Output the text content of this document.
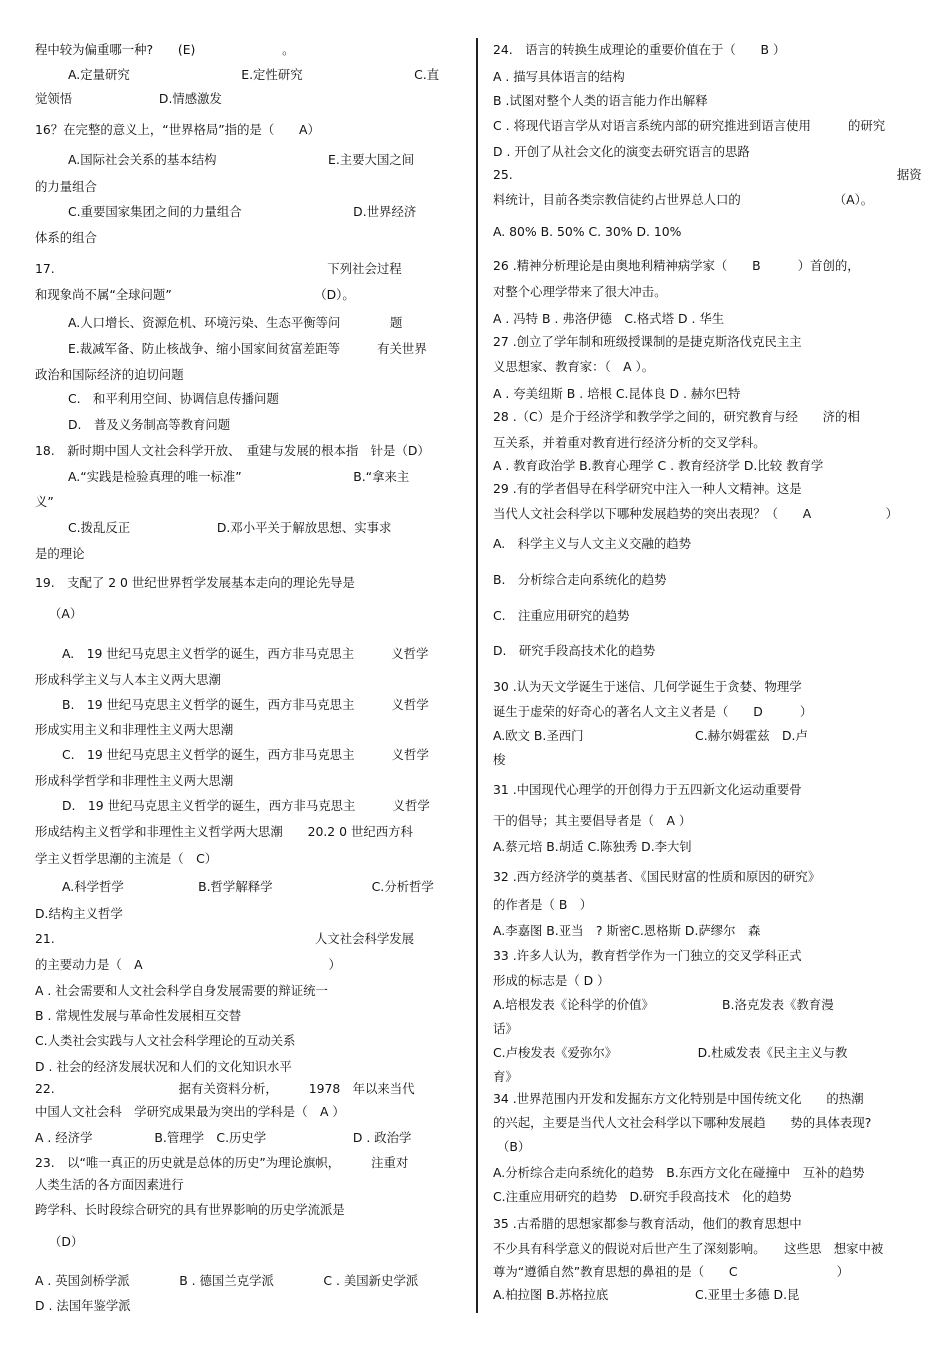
程中较为偏重哪一种?　　(E)　　　　　　　。
A.定量研究　　　　　　　　　E.定性研究　　　　　　　　　C.直
觉领悟　　　　　　　D.情感激发
16？在完整的意义上，“世界格局”指的是（　　A）
A.国际社会关系的基本结构　　　　　　　　　E.主要大国之间
的力量组合
C.重要国家集团之间的力量组合　　　　　　　　　D.世界经济
体系的组合
17.　　　　　　　　　　　　　　　　　　　　　　下列社会过程
和现象尚不属“全球问题”　　　　　　　　　　　　（D）。
A.人口增长、资源危机、环境污染、生态平衡等问　　　　题
E.裁减军备、防止核战争、缩小国家间贫富差距等　　　有关世界
政治和国际经济的迫切问题
C.　和平利用空间、协调信息传播问题
D.　普及义务制高等教育问题
18.　新时期中国人文社会科学开放、　重建与发展的根本指　针是（D）
A.“实践是检验真理的唯一标准”　　　　　　　　　B.“拿来主
义”
C.拨乱反正　　　　　　　D.邓小平关于解放思想、实事求
是的理论
19.　支配了 2 0 世纪世界哲学发展基本走向的理论先导是
（A）
A.　19 世纪马克思主义哲学的诞生，西方非马克思主　　　义哲学
形成科学主义与人本主义两大思潮
B.　19 世纪马克思主义哲学的诞生，西方非马克思主　　　义哲学
形成实用主义和非理性主义两大思潮
C.　19 世纪马克思主义哲学的诞生，西方非马克思主　　　义哲学
形成科学哲学和非理性主义两大思潮
D.　19 世纪马克思主义哲学的诞生，西方非马克思主　　　义哲学
形成结构主义哲学和非理性主义哲学两大思潮　　20.2 0 世纪西方科
学主义哲学思潮的主流是（　C）
A.科学哲学　　　　　　B.哲学解释学　　　　　　　　C.分析哲学
D.结构主义哲学
21.　　　　　　　　　　　　　　　　　　　　　人文社会科学发展
的主要动力是（　A　　　　　　　　　　　　　　　）
A . 社会需要和人文社会科学自身发展需要的辩证统一
B . 常规性发展与革命性发展相互交替
C.人类社会实践与人文社会科学理论的互动关系
D . 社会的经济发展状况和人们的文化知识水平
22.　　　　　　　　　　据有关资料分析，　　　1978　年以来当代
中国人文社会科　学研究成果最为突出的学科是（　A ）
A . 经济学　　　　　B.管理学　C.历史学　　　　　　　D . 政治学
23.　以“唯一真正的历史就是总体的历史”为理论旗帜，　　　注重对
人类生活的各方面因素进行
跨学科、长时段综合研究的具有世界影响的历史学流派是
（D）
A . 英国剑桥学派　　　　B . 德国兰克学派　　　　C . 美国新史学派
D . 法国年鉴学派
24.　语言的转换生成理论的重要价值在于（　　B ）
A . 描写具体语言的结构
B .试图对整个人类的语言能力作出解释
C . 将现代语言学从对语言系统内部的研究推进到语言使用　　　的研究
D . 开创了从社会文化的演变去研究语言的思路
25.　　　　　　　　　　　　　　　　　　　　　　　　　　　　　　　据资
料统计，目前各类宗教信徒约占世界总人口的　　　　　　　　（A）。
A. 80% B. 50% C. 30% D. 10%
26 .精神分析理论是由奥地利精神病学家（　　B　　　）首创的，
对整个心理学带来了很大冲击。
A . 冯特 B . 弗洛伊德　C.格式塔 D . 华生
27 .创立了学年制和班级授课制的是捷克斯洛伐克民主主
义思想家、教育家：（　A ）。
A . 夸美纽斯 B . 培根 C.昆体良 D . 赫尔巴特
28 .（C）是介于经济学和教学学之间的，研究教育与经　　济的相
互关系，并着重对教育进行经济分析的交叉学科。
A . 教育政治学 B.教育心理学 C . 教育经济学 D.比较 教育学
29 .有的学者倡导在科学研究中注入一种人文精神。这是
当代人文社会科学以下哪种发展趋势的突出表现？（　　A　　　　　　）
A.　科学主义与人文主义交融的趋势
B.　分析综合走向系统化的趋势
C.　注重应用研究的趋势
D.　研究手段高技术化的趋势
30 .认为天文学诞生于迷信、几何学诞生于贪婪、物理学
诞生于虚荣的好奇心的著名人文主义者是（　　D　　　）
A.欧文 B.圣西门　　　　　　　　　C.赫尔姆霍兹　D.卢
梭
31 .中国现代心理学的开创得力于五四新文化运动重要骨
干的倡导；其主要倡导者是（　A ）
A.蔡元培 B.胡适 C.陈独秀 D.李大钊
32 .西方经济学的奠基者、《国民财富的性质和原因的研究》
的作者是（ B　）
A.李嘉图 B.亚当　? 斯密C.恩格斯 D.萨缪尔　森
33 .许多人认为，教育哲学作为一门独立的交叉学科正式
形成的标志是（ D ）
A.培根发表《论科学的价值》　　　　　　B.洛克发表《教育漫
话》
C.卢梭发表《爱弥尔》　　　　　　　D.杜威发表《民主主义与教
育》
34 .世界范围内开发和发掘东方文化特别是中国传统文化　　的热潮
的兴起，主要是当代人文社会科学以下哪种发展趋　　势的具体表现?
（B）
A.分析综合走向系统化的趋势　B.东西方文化在碰撞中　互补的趋势
C.注重应用研究的趋势　D.研究手段高技术　化的趋势
35 .古希腊的思想家都参与教育活动，他们的教育思想中
不少具有科学意义的假说对后世产生了深刻影响。　　这些思　想家中被
尊为“遵循自然”教育思想的鼻祖的是（　　C　　　　　　　　）
A.柏拉图 B.苏格拉底　　　　　　　C.亚里士多德 D.昆
